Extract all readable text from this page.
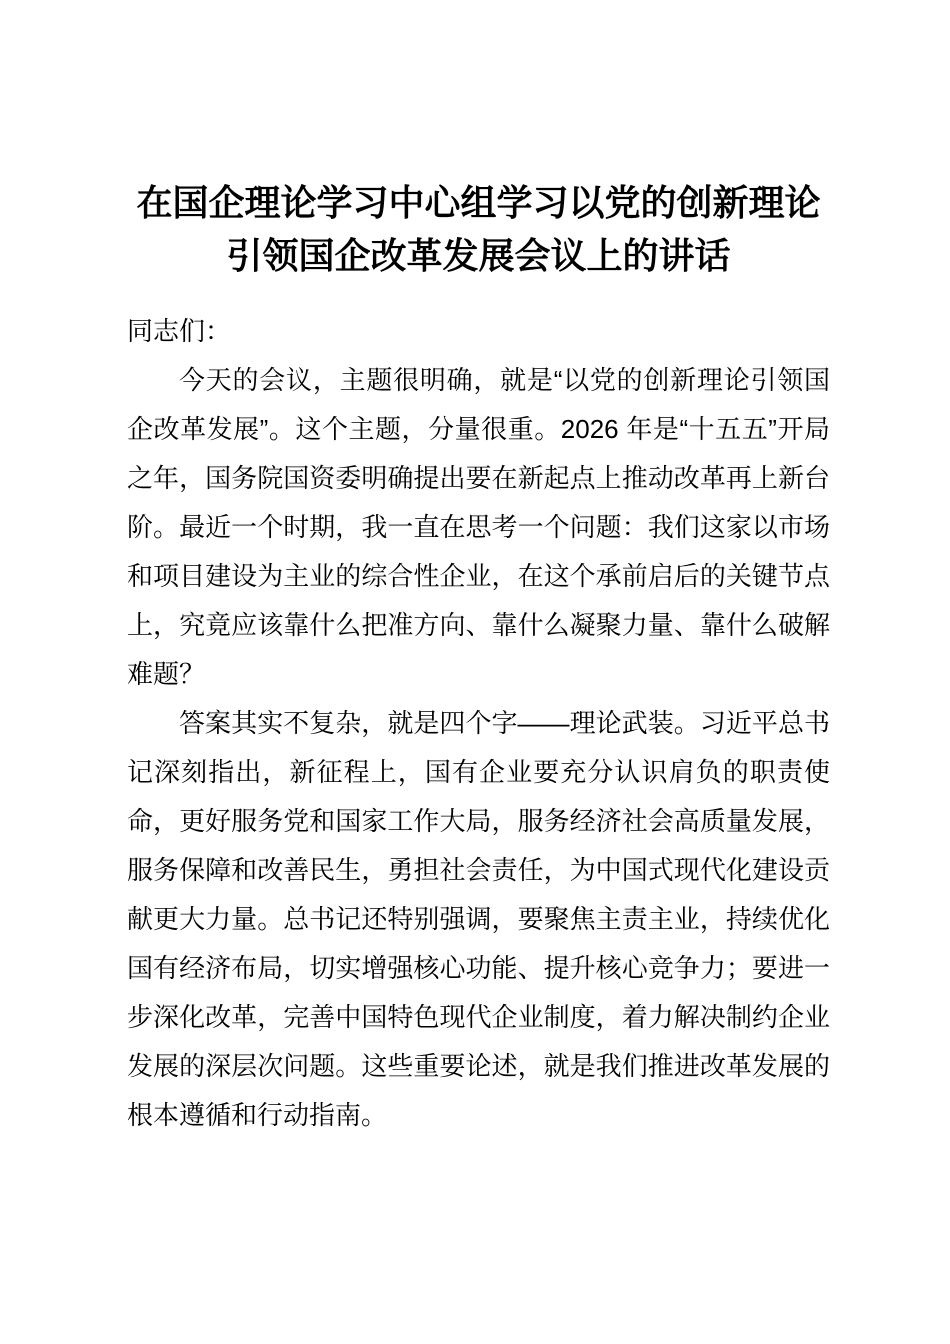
在国企理论学习中心组学习以党的创新理论引领国企改革发展会议上的讲话

同志们：

今天的会议，主题很明确，就是“以党的创新理论引领国企改革发展”。这个主题，分量很重。2026 年是“十五五”开局之年，国务院国资委明确提出要在新起点上推动改革再上新台阶。最近一个时期，我一直在思考一个问题：我们这家以市场和项目建设为主业的综合性企业，在这个承前启后的关键节点上，究竟应该靠什么把准方向、靠什么凝聚力量、靠什么破解难题？

答案其实不复杂，就是四个字——理论武装。习近平总书记深刻指出，新征程上，国有企业要充分认识肩负的职责使命，更好服务党和国家工作大局，服务经济社会高质量发展，服务保障和改善民生，勇担社会责任，为中国式现代化建设贡献更大力量。总书记还特别强调，要聚焦主责主业，持续优化国有经济布局，切实增强核心功能、提升核心竞争力；要进一步深化改革，完善中国特色现代企业制度，着力解决制约企业发展的深层次问题。这些重要论述，就是我们推进改革发展的根本遵循和行动指南。
